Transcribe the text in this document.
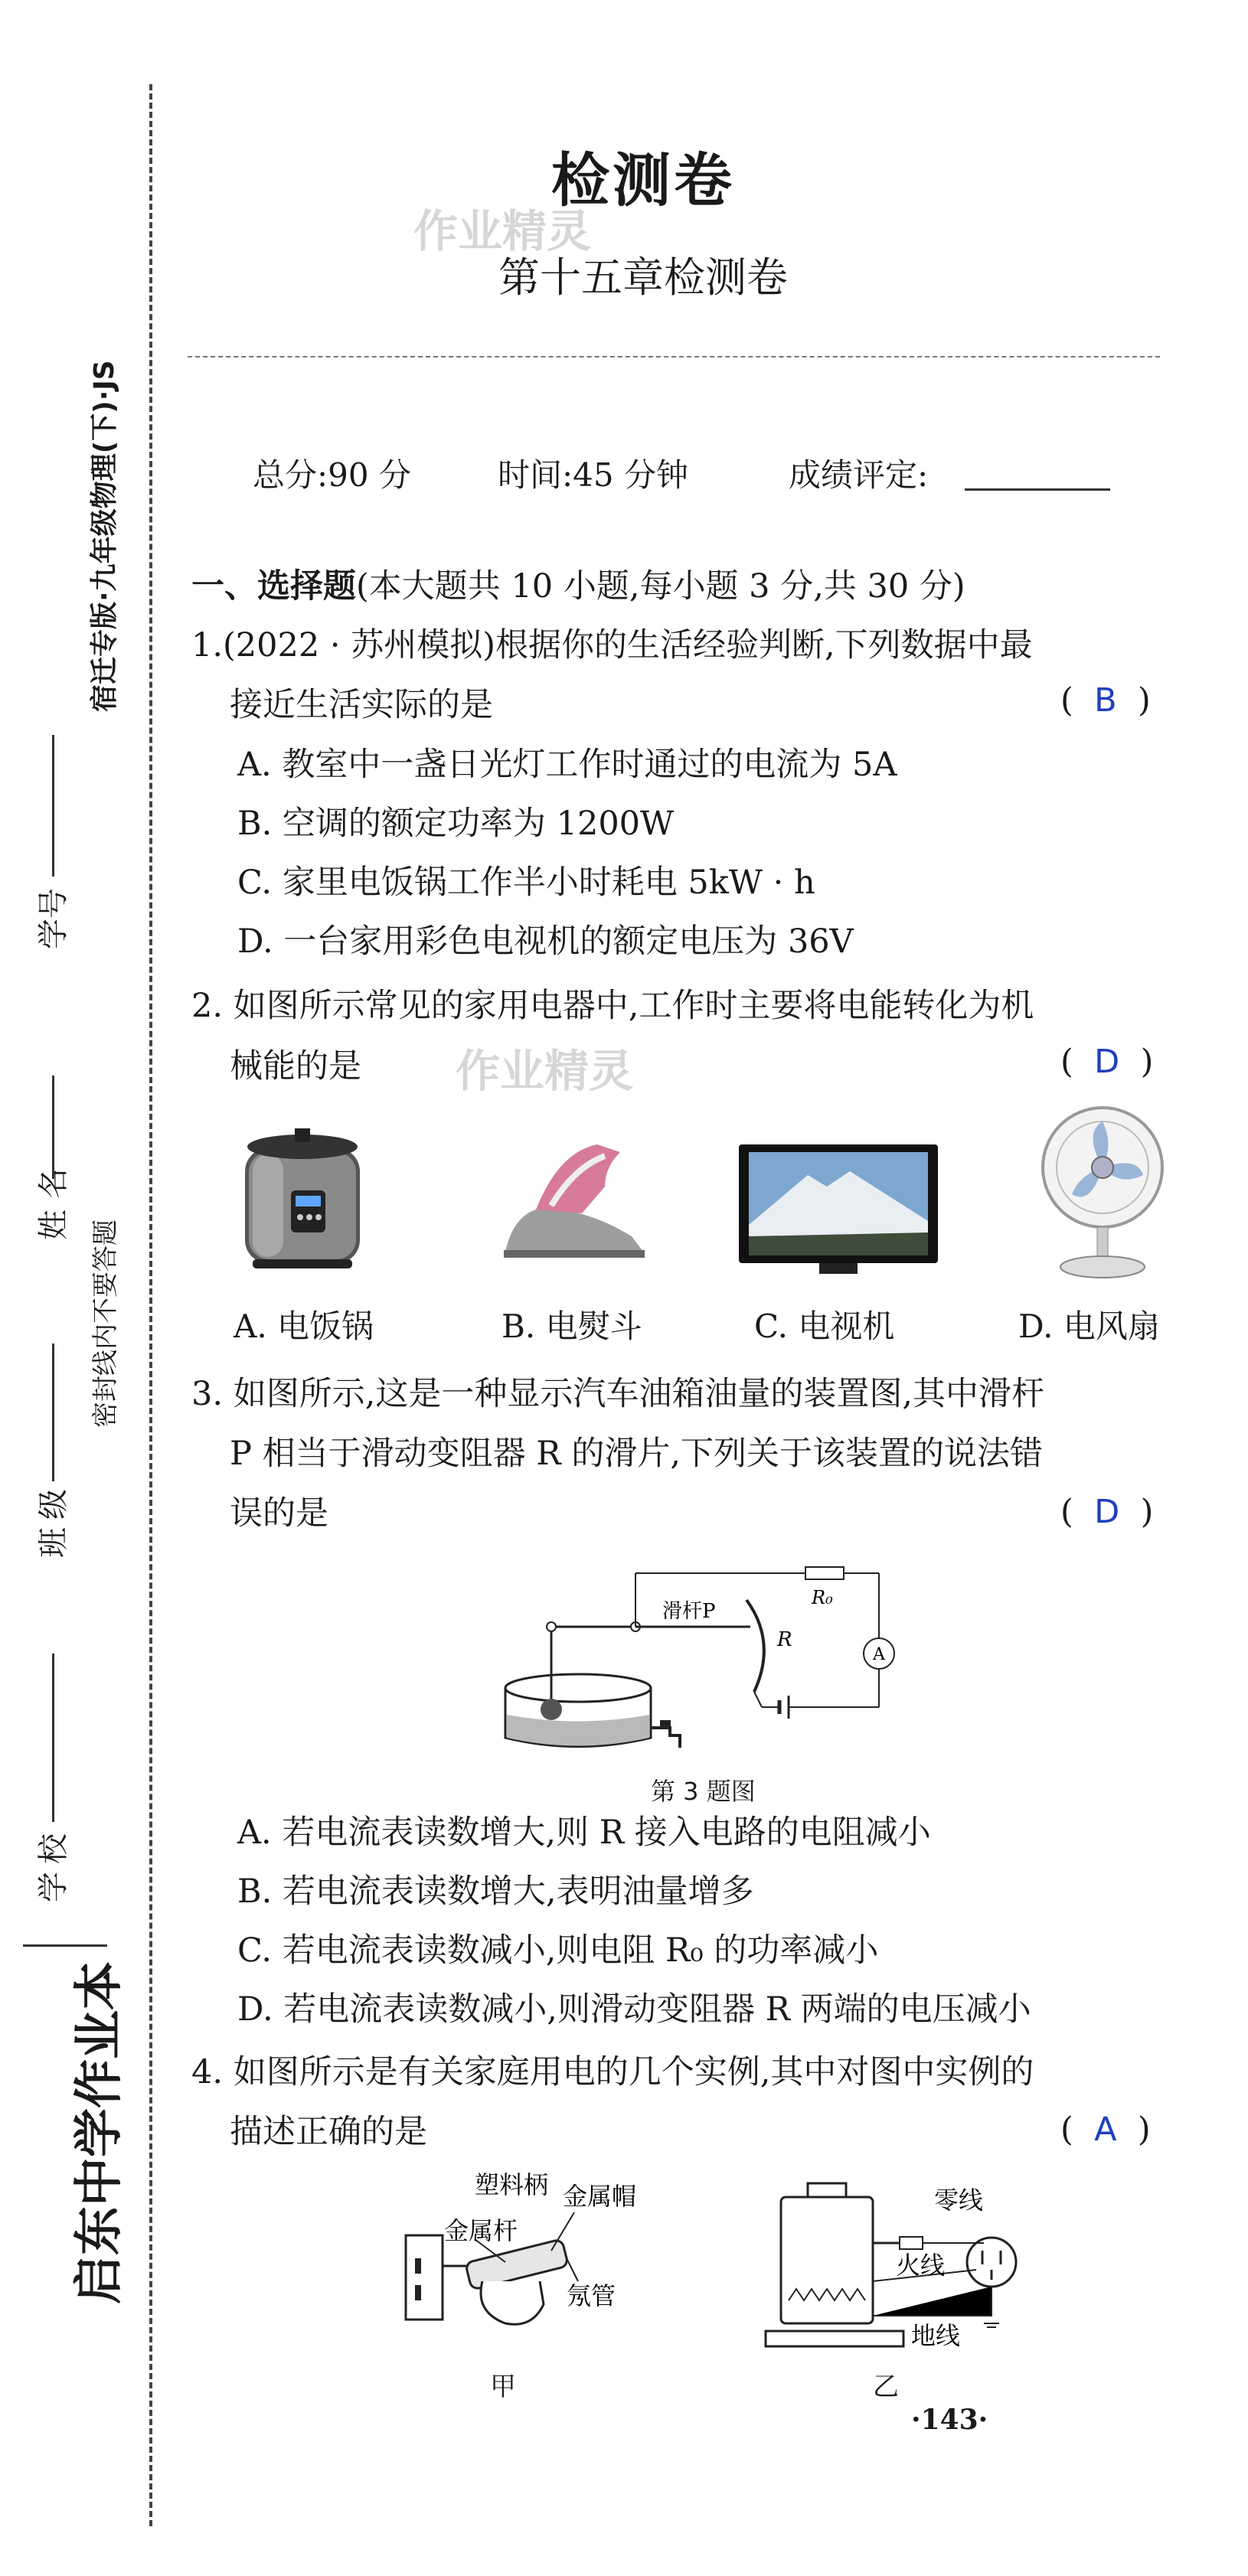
宿迁专版·九年级物理(下)·JS
学号
姓名
密封线内不要答题
班级
学校
启东中学作业本
检测卷
作业精灵
第十五章检测卷
总分:90 分	时间:45 分钟	成绩评定:
一、选择题(本大题共 10 小题,每小题 3 分,共 30 分)
1.(2022 · 苏州模拟)根据你的生活经验判断,下列数据中最
接近生活实际的是	(  B  )
A. 教室中一盏日光灯工作时通过的电流为 5A
B. 空调的额定功率为 1200W
C. 家里电饭锅工作半小时耗电 5kW · h
D. 一台家用彩色电视机的额定电压为 36V
2. 如图所示常见的家用电器中,工作时主要将电能转化为机
械能的是 作业精灵	(  D  )
A. 电饭锅	B. 电熨斗	C. 电视机	D. 电风扇
3. 如图所示,这是一种显示汽车油箱油量的装置图,其中滑杆
P 相当于滑动变阻器 R 的滑片,下列关于该装置的说法错
误的是	(  D  )
A
滑杆P
R
R₀
第 3 题图
A. 若电流表读数增大,则 R 接入电路的电阻减小
B. 若电流表读数增大,表明油量增多
C. 若电流表读数减小,则电阻 R₀ 的功率减小
D. 若电流表读数减小,则滑动变阻器 R 两端的电压减小
4. 如图所示是有关家庭用电的几个实例,其中对图中实例的
描述正确的是	(  A  )
塑料柄 金属帽
金属杆
氖管
甲
零线
火线
地线
乙
·143·
